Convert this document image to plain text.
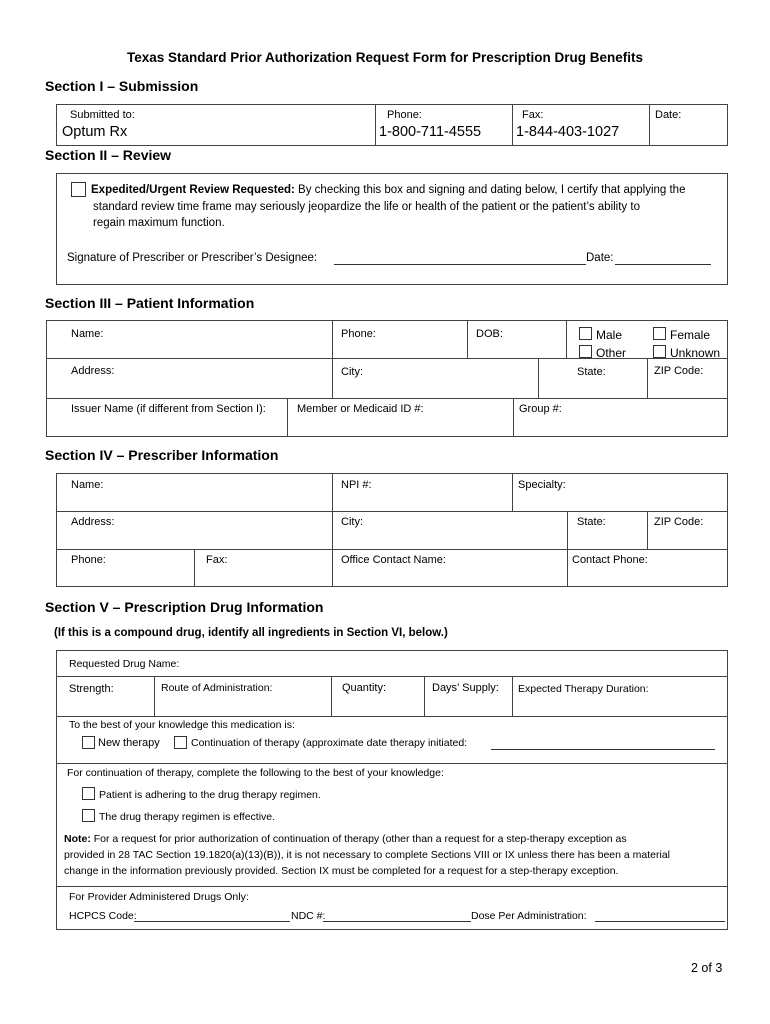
Texas Standard Prior Authorization Request Form for Prescription Drug Benefits
Section I – Submission
Submitted to:
Optum Rx
Phone:
1-800-711-4555
Fax:
1-844-403-1027
Date:
Section II – Review
Expedited/Urgent Review Requested: By checking this box and signing and dating below, I certify that applying the
standard review time frame may seriously jeopardize the life or health of the patient or the patient’s ability to
regain maximum function.
Signature of Prescriber or Prescriber’s Designee:	Date:
Section III – Patient Information
Name:	Phone:	DOB:	Male	Female
Other	Unknown
Address:	City:	State:	ZIP Code:
Issuer Name (if different from Section I):	Member or Medicaid ID #:	Group #:
Section IV – Prescriber Information
Name:	NPI #:	Specialty:
Address:	City:	State:	ZIP Code:
Phone:	Fax:	Office Contact Name:	Contact Phone:
Section V – Prescription Drug Information
(If this is a compound drug, identify all ingredients in Section VI, below.)
Requested Drug Name:
Strength:	Route of Administration:	Quantity:	Days’ Supply: Expected Therapy Duration:
To the best of your knowledge this medication is:
New therapy	Continuation of therapy (approximate date therapy initiated:
For continuation of therapy, complete the following to the best of your knowledge:
Patient is adhering to the drug therapy regimen.
The drug therapy regimen is effective.
Note: For a request for prior authorization of continuation of therapy (other than a request for a step-therapy exception as
provided in 28 TAC Section 19.1820(a)(13)(B)), it is not necessary to complete Sections VIII or IX unless there has been a material
change in the information previously provided. Section IX must be completed for a request for a step-therapy exception.
For Provider Administered Drugs Only:
HCPCS Code:	NDC #:	Dose Per Administration:
2 of 3
